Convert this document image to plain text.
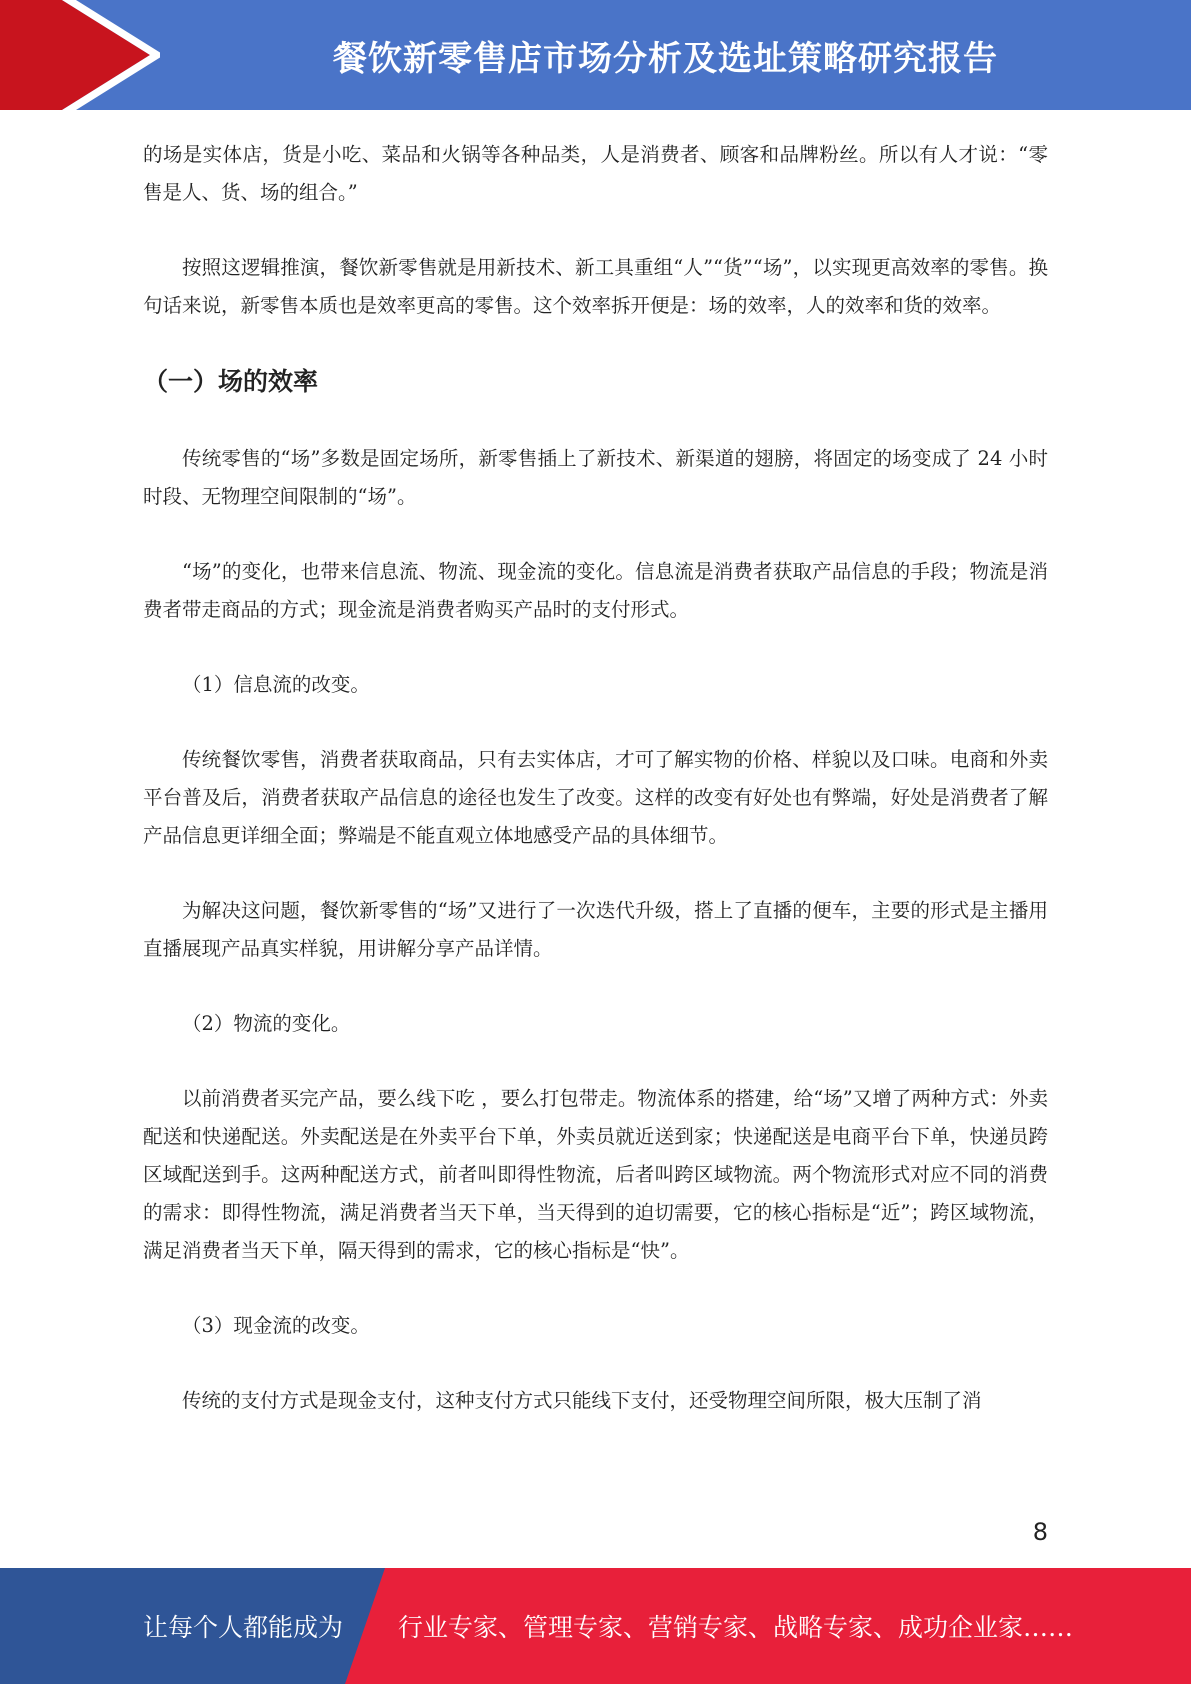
餐饮新零售店市场分析及选址策略研究报告

的场是实体店，货是小吃、菜品和火锅等各种品类，人是消费者、顾客和品牌粉丝。所以有人才说：“零售是人、货、场的组合。”

按照这逻辑推演，餐饮新零售就是用新技术、新工具重组“人”“货”“场”，以实现更高效率的零售。换句话来说，新零售本质也是效率更高的零售。这个效率拆开便是：场的效率，人的效率和货的效率。

（一）场的效率

传统零售的“场”多数是固定场所，新零售插上了新技术、新渠道的翅膀，将固定的场变成了 24 小时时段、无物理空间限制的“场”。

“场”的变化，也带来信息流、物流、现金流的变化。信息流是消费者获取产品信息的手段；物流是消费者带走商品的方式；现金流是消费者购买产品时的支付形式。

（1）信息流的改变。

传统餐饮零售，消费者获取商品，只有去实体店，才可了解实物的价格、样貌以及口味。电商和外卖平台普及后，消费者获取产品信息的途径也发生了改变。这样的改变有好处也有弊端，好处是消费者了解产品信息更详细全面；弊端是不能直观立体地感受产品的具体细节。

为解决这问题，餐饮新零售的“场”又进行了一次迭代升级，搭上了直播的便车，主要的形式是主播用直播展现产品真实样貌，用讲解分享产品详情。

（2）物流的变化。

以前消费者买完产品，要么线下吃 ，要么打包带走。物流体系的搭建，给“场”又增了两种方式：外卖配送和快递配送。外卖配送是在外卖平台下单，外卖员就近送到家；快递配送是电商平台下单，快递员跨区域配送到手。这两种配送方式，前者叫即得性物流，后者叫跨区域物流。两个物流形式对应不同的消费的需求：即得性物流，满足消费者当天下单，当天得到的迫切需要，它的核心指标是“近”；跨区域物流，满足消费者当天下单，隔天得到的需求，它的核心指标是“快”。

（3）现金流的改变。

传统的支付方式是现金支付，这种支付方式只能线下支付，还受物理空间所限，极大压制了消

8
让每个人都能成为 行业专家、管理专家、营销专家、战略专家、成功企业家……
